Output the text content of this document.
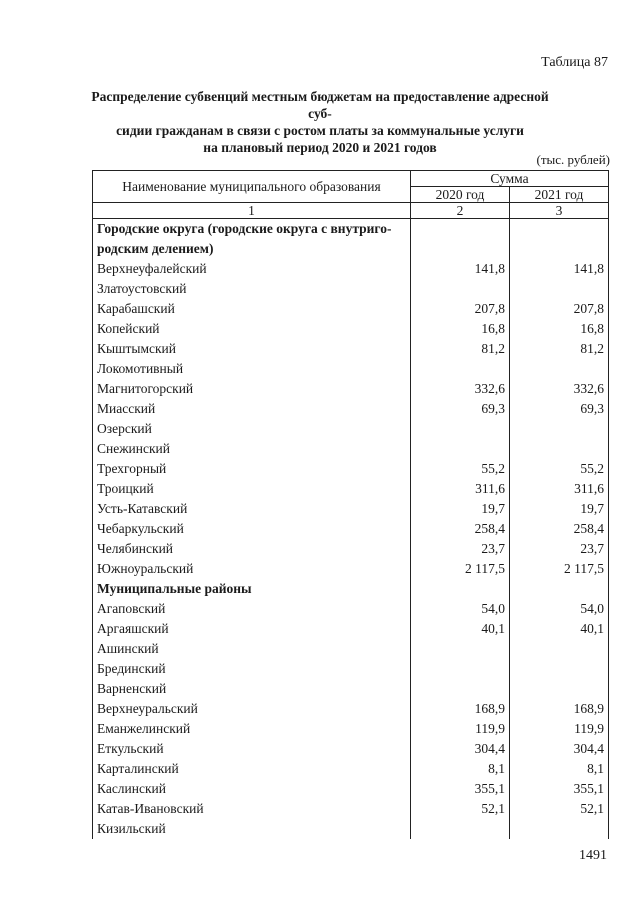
Таблица 87
Распределение субвенций местным бюджетам на предоставление адресной суб-
сидии гражданам в связи с ростом платы за коммунальные услуги
на плановый период 2020 и 2021 годов
(тыс. рублей)
Наименование муниципального образования	Сумма	
	2020 год	2021 год
1	2	3
Городские округа (городские округа с внутриго-		
родским делением)		
Верхнеуфалейский	141,8	141,8
Златоустовский		
Карабашский	207,8	207,8
Копейский	16,8	16,8
Кыштымский	81,2	81,2
Локомотивный		
Магнитогорский	332,6	332,6
Миасский	69,3	69,3
Озерский		
Снежинский		
Трехгорный	55,2	55,2
Троицкий	311,6	311,6
Усть-Катавский	19,7	19,7
Чебаркульский	258,4	258,4
Челябинский	23,7	23,7
Южноуральский	2 117,5	2 117,5
Муниципальные районы		
Агаповский	54,0	54,0
Аргаяшский	40,1	40,1
Ашинский		
Брединский		
Варненский		
Верхнеуральский	168,9	168,9
Еманжелинский	119,9	119,9
Еткульский	304,4	304,4
Карталинский	8,1	8,1
Каслинский	355,1	355,1
Катав-Ивановский	52,1	52,1
Кизильский		
1491
